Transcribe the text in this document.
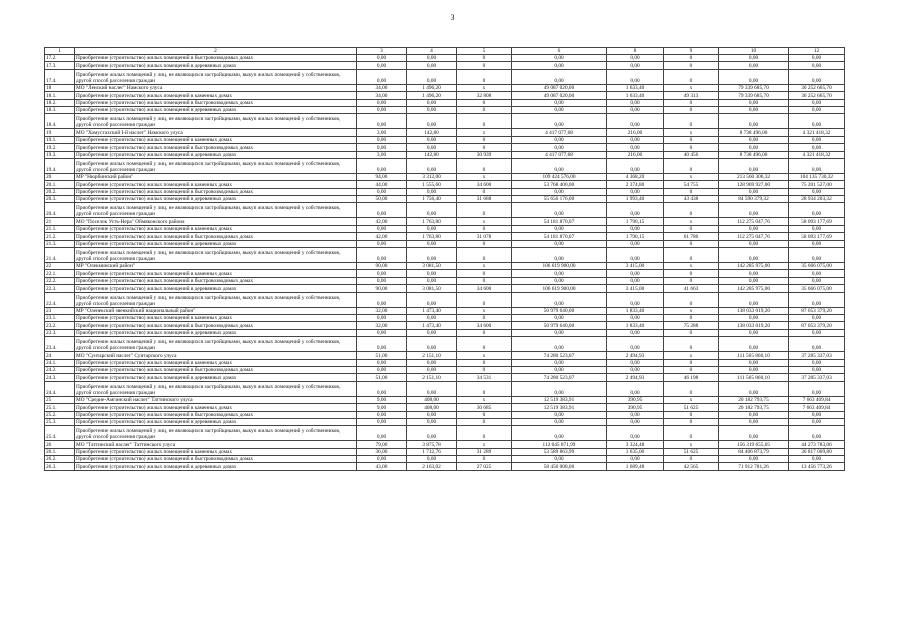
3
1	2	3	4	5	6	8	9	10	12
17.2.	Приобретение (строительство) жилых помещений в быстровозводимых домах	0,00	0,00	0	0,00	0,00	0	0,00	0,00
17.3.	Приобретение (строительство) жилых помещений в деревянных домах	0,00	0,00	0	0,00	0,00	0	0,00	0,00
17.4.	Приобретение жилых помещений у лиц, не являющихся застройщиками, выкуп жилых помещений у собственников, другой способ расселения граждан	0,00	0,00	0	0,00	0,00	0	0,00	0,00
18	МО "Ленский наслег" Намского улуса	34,00	1 496,20	х	49 087 020,00	1 633,40	х	79 339 685,70	30 252 665,70
18.1.	Приобретение (строительство) жилых помещений в каменных домах	34,00	1 496,20	32 808	49 087 020,00	1 633,40	49 313	79 339 685,70	30 252 665,70
18.2.	Приобретение (строительство) жилых помещений в быстровозводимых домах	0,00	0,00	0	0,00	0,00	0	0,00	0,00
18.3.	Приобретение (строительство) жилых помещений в деревянных домах	0,00	0,00	0	0,00	0,00	0	0,00	0,00
18.4.	Приобретение жилых помещений у лиц, не являющихся застройщиками, выкуп жилых помещений у собственников, другой способ расселения граждан	0,00	0,00	0	0,00	0,00	0	0,00	0,00
19	МО "Хомустахский I-й наслег" Намского улуса	3,00	142,80	х	4 417 077,68	216,00	х	8 738 496,00	4 321 418,32
19.1.	Приобретение (строительство) жилых помещений в каменных домах	0,00	0,00	0	0,00	0,00	0	0,00	0,00
19.2.	Приобретение (строительство) жилых помещений в быстровозводимых домах	0,00	0,00	0	0,00	0,00	0	0,00	0,00
19.3.	Приобретение (строительство) жилых помещений в деревянных домах	3,00	142,80	30 939	4 417 077,68	216,00	40 456	8 738 496,00	4 321 418,32
19.4.	Приобретение жилых помещений у лиц, не являющихся застройщиками, выкуп жилых помещений у собственников, другой способ расселения граждан	0,00	0,00	0	0,00	0,00	0	0,00	0,00
20	МР "Нюрбинский район"	94,00	3 312,00	х	109 424 576,00	4 368,20	х	213 560 306,32	104 135 730,32
20.1.	Приобретение (строительство) жилых помещений в каменных домах	44,00	1 555,60	34 600	53 768 400,00	2 374,80	54 755	128 969 927,00	75 201 527,00
20.2.	Приобретение (строительство) жилых помещений в быстровозводимых домах	0,00	0,00	0	0,00	0,00	0	0,00	0,00
20.3.	Приобретение (строительство) жилых помещений в деревянных домах	50,00	1 756,40	31 688	55 656 176,00	1 993,40	43 438	84 590 379,32	28 934 203,32
20.4.	Приобретение жилых помещений у лиц, не являющихся застройщиками, выкуп жилых помещений у собственников, другой способ расселения граждан	0,00	0,00	0	0,00	0,00	0	0,00	0,00
21	МО "Поселок Усть-Нера" Оймяконского района	42,00	1 763,80	х	54 181 870,07	1 790,15	х	112 275 047,76	58 093 177,69
21.1.	Приобретение (строительство) жилых помещений в каменных домах	0,00	0,00	0	0,00	0,00	0	0,00	0,00
21.2.	Приобретение (строительство) жилых помещений в быстровозводимых домах	42,00	1 763,80	31 078	54 181 870,07	1 790,15	61 786	112 275 047,76	58 093 177,69
21.3.	Приобретение (строительство) жилых помещений в деревянных домах	0,00	0,00	0	0,00	0,00	0	0,00	0,00
21.4.	Приобретение жилых помещений у лиц, не являющихся застройщиками, выкуп жилых помещений у собственников, другой способ расселения граждан	0,00	0,00	0	0,00	0,00	0	0,00	0,00
22	МР "Олекминский район"	90,00	3 081,50	х	106 619 900,00	3 415,00	х	142 285 975,00	35 666 075,00
22.1.	Приобретение (строительство) жилых помещений в каменных домах	0,00	0,00	0	0,00	0,00	0	0,00	0,00
22.2.	Приобретение (строительство) жилых помещений в быстровозводимых домах	0,00	0,00	0	0,00	0,00	0	0,00	0,00
22.3.	Приобретение (строительство) жилых помещений в деревянных домах	90,00	3 081,50	34 600	106 619 900,00	3 415,00	41 663	142 285 975,00	35 666 075,00
22.4.	Приобретение жилых помещений у лиц, не являющихся застройщиками, выкуп жилых помещений у собственников, другой способ расселения граждан	0,00	0,00	0	0,00	0,00	0	0,00	0,00
23	МР "Оленекский эвенкийский национальный район"	32,00	1 473,40	х	50 979 640,00	1 833,40	х	138 033 019,20	87 053 379,20
23.1.	Приобретение (строительство) жилых помещений в каменных домах	0,00	0,00	0	0,00	0,00	0	0,00	0,00
23.2.	Приобретение (строительство) жилых помещений в быстровозводимых домах	32,00	1 473,40	34 600	50 979 640,00	1 833,40	75 288	138 033 019,20	87 053 379,20
23.3.	Приобретение (строительство) жилых помещений в деревянных домах	0,00	0,00	0	0,00	0,00	0	0,00	0,00
23.4.	Приобретение жилых помещений у лиц, не являющихся застройщиками, выкуп жилых помещений у собственников, другой способ расселения граждан	0,00	0,00	0	0,00	0,00	0	0,00	0,00
24	МО "Сунтарский наслег" Сунтарского улуса	51,00	2 151,10	х	74 280 523,07	2 494,93	х	111 565 860,10	37 285 337,03
24.1.	Приобретение (строительство) жилых помещений в каменных домах	0,00	0,00	0	0,00	0,00	0	0,00	0,00
24.2.	Приобретение (строительство) жилых помещений в быстровозводимых домах	0,00	0,00	0	0,00	0,00	0	0,00	0,00
24.3.	Приобретение (строительство) жилых помещений в деревянных домах	51,00	2 151,10	34 531	74 280 523,07	2 494,93	46 198	111 565 860,10	37 285 337,03
24.4.	Приобретение жилых помещений у лиц, не являющихся застройщиками, выкуп жилых помещений у собственников, другой способ расселения граждан	0,00	0,00	0	0,00	0,00	0	0,00	0,00
25	МО "Средне-Амгинский наслег" Таттинского улуса	9,00	408,00	х	12 519 383,91	390,95	х	20 182 793,75	7 663 409,84
25.1.	Приобретение (строительство) жилых помещений в каменных домах	9,00	408,00	30 685	12 519 383,91	390,95	51 625	20 182 793,75	7 663 409,84
25.2.	Приобретение (строительство) жилых помещений в быстровозводимых домах	0,00	0,00	0	0,00	0,00	0	0,00	0,00
25.3.	Приобретение (строительство) жилых помещений в деревянных домах	0,00	0,00	0	0,00	0,00	0	0,00	0,00
25.4.	Приобретение жилых помещений у лиц, не являющихся застройщиками, выкуп жилых помещений у собственников, другой способ расселения граждан	0,00	0,00	0	0,00	0,00	0	0,00	0,00
26	МО "Таттинский наслег" Таттинского улуса	79,00	3 875,78	х	112 045 871,99	3 324,48	х	156 319 655,05	44 273 783,06
26.1.	Приобретение (строительство) жилых помещений в каменных домах	36,00	1 712,76	31 289	53 589 863,99	1 635,00	51 625	84 406 873,79	30 817 009,80
26.2.	Приобретение (строительство) жилых помещений в быстровозводимых домах	0,00	0,00	0	0,00	0,00	0	0,00	0,00
26.3.	Приобретение (строительство) жилых помещений в деревянных домах	43,00	2 163,02	27 025	58 456 008,00	1 689,48	42 565	71 912 781,26	13 456 773,26
